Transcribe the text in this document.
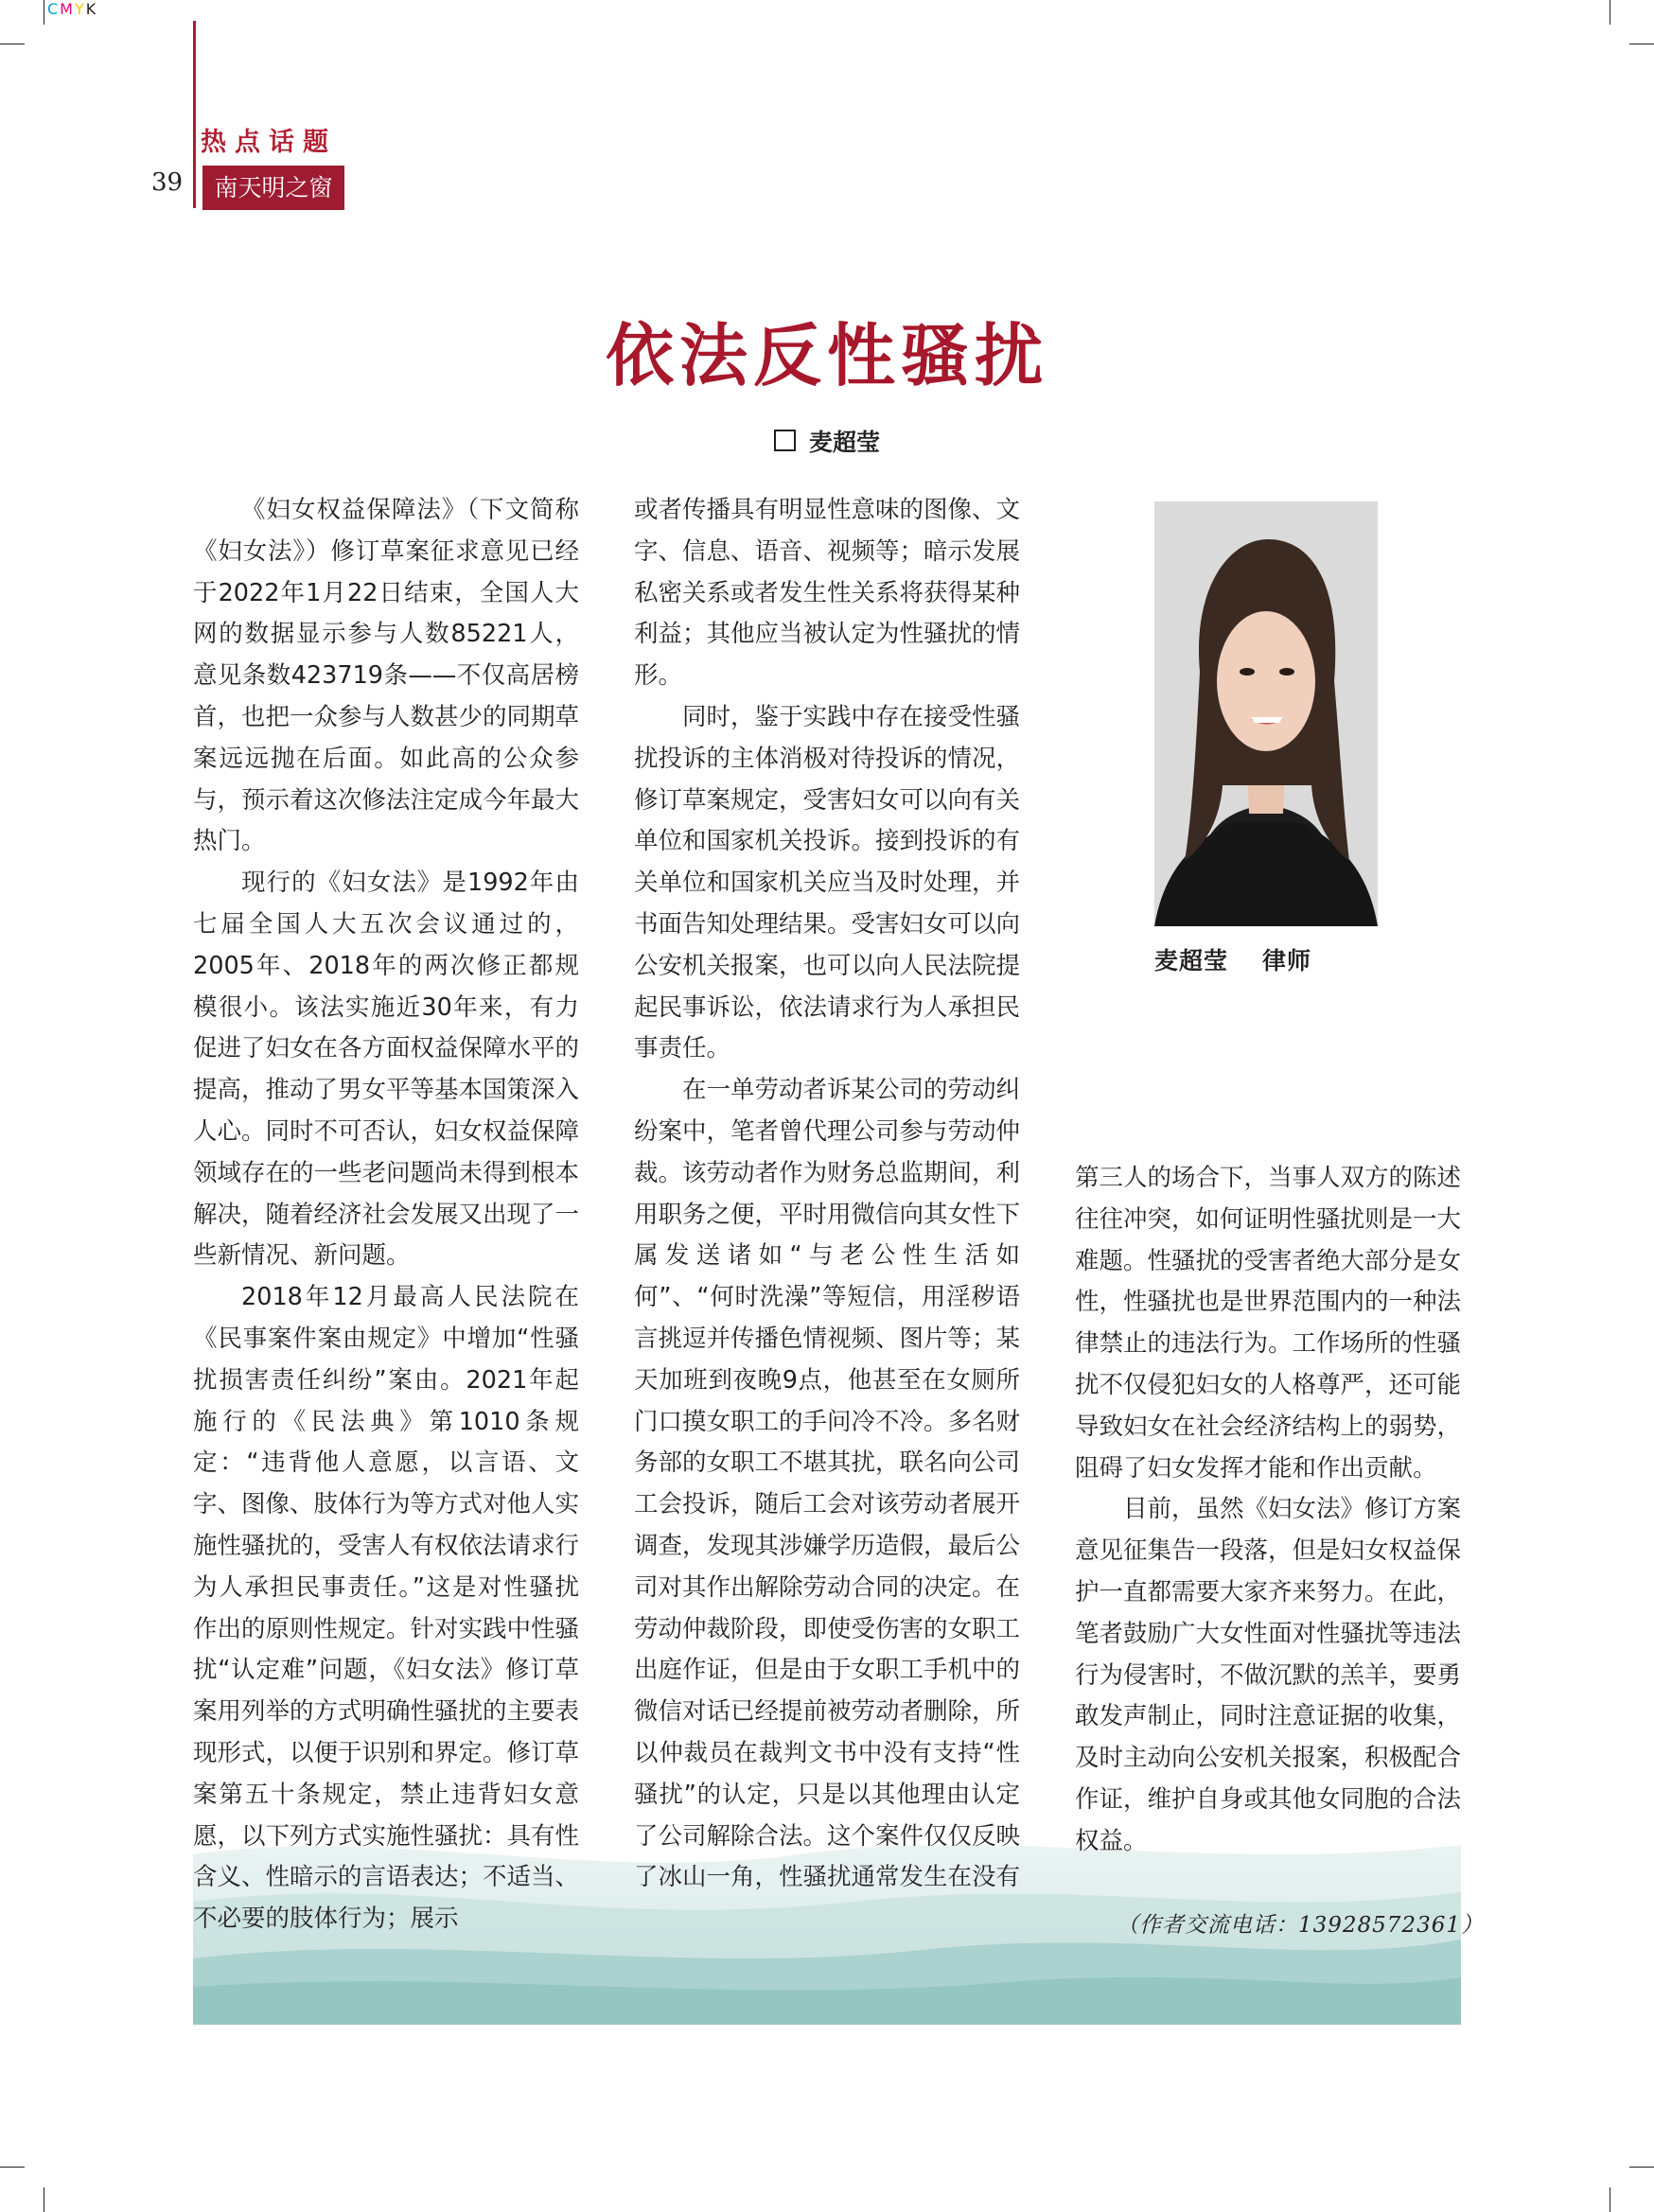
CMYK
热点话题
39	南天明之窗
依法反性骚扰
麦超莹

《妇女权益保障法》（下文简称《妇女法》）修订草案征求意见已经于2022年1月22日结束，全国人大网的数据显示参与人数85221人，意见条数423719条——不仅高居榜首，也把一众参与人数甚少的同期草案远远抛在后面。如此高的公众参与，预示着这次修法注定成今年最大热门。

现行的《妇女法》是1992年由七届全国人大五次会议通过的，2005年、2018年的两次修正都规模很小。该法实施近30年来，有力促进了妇女在各方面权益保障水平的提高，推动了男女平等基本国策深入人心。同时不可否认，妇女权益保障领域存在的一些老问题尚未得到根本解决，随着经济社会发展又出现了一些新情况、新问题。

2018年12月最高人民法院在《民事案件案由规定》中增加“性骚扰损害责任纠纷”案由。2021年起施行的《民法典》第1010条规定：“违背他人意愿，以言语、文字、图像、肢体行为等方式对他人实施性骚扰的，受害人有权依法请求行为人承担民事责任。”这是对性骚扰作出的原则性规定。针对实践中性骚扰“认定难”问题，《妇女法》修订草案用列举的方式明确性骚扰的主要表现形式，以便于识别和界定。修订草案第五十条规定，禁止违背妇女意愿，以下列方式实施性骚扰：具有性含义、性暗示的言语表达；不适当、不必要的肢体行为；展示

或者传播具有明显性意味的图像、文字、信息、语音、视频等；暗示发展私密关系或者发生性关系将获得某种利益；其他应当被认定为性骚扰的情形。

同时，鉴于实践中存在接受性骚扰投诉的主体消极对待投诉的情况，修订草案规定，受害妇女可以向有关单位和国家机关投诉。接到投诉的有关单位和国家机关应当及时处理，并书面告知处理结果。受害妇女可以向公安机关报案，也可以向人民法院提起民事诉讼，依法请求行为人承担民事责任。

在一单劳动者诉某公司的劳动纠纷案中，笔者曾代理公司参与劳动仲裁。该劳动者作为财务总监期间，利用职务之便，平时用微信向其女性下属发送诸如“与老公性生活如何”、“何时洗澡”等短信，用淫秽语言挑逗并传播色情视频、图片等；某天加班到夜晚9点，他甚至在女厕所门口摸女职工的手问冷不冷。多名财务部的女职工不堪其扰，联名向公司工会投诉，随后工会对该劳动者展开调查，发现其涉嫌学历造假，最后公司对其作出解除劳动合同的决定。在劳动仲裁阶段，即使受伤害的女职工出庭作证，但是由于女职工手机中的微信对话已经提前被劳动者删除，所以仲裁员在裁判文书中没有支持“性骚扰”的认定，只是以其他理由认定了公司解除合法。这个案件仅仅反映了冰山一角，性骚扰通常发生在没有

麦超莹 律师

第三人的场合下，当事人双方的陈述往往冲突，如何证明性骚扰则是一大难题。性骚扰的受害者绝大部分是女性，性骚扰也是世界范围内的一种法律禁止的违法行为。工作场所的性骚扰不仅侵犯妇女的人格尊严，还可能导致妇女在社会经济结构上的弱势，阻碍了妇女发挥才能和作出贡献。

目前，虽然《妇女法》修订方案意见征集告一段落，但是妇女权益保护一直都需要大家齐来努力。在此，笔者鼓励广大女性面对性骚扰等违法行为侵害时，不做沉默的羔羊，要勇敢发声制止，同时注意证据的收集，及时主动向公安机关报案，积极配合作证，维护自身或其他女同胞的合法权益。

（作者交流电话：13928572361）
